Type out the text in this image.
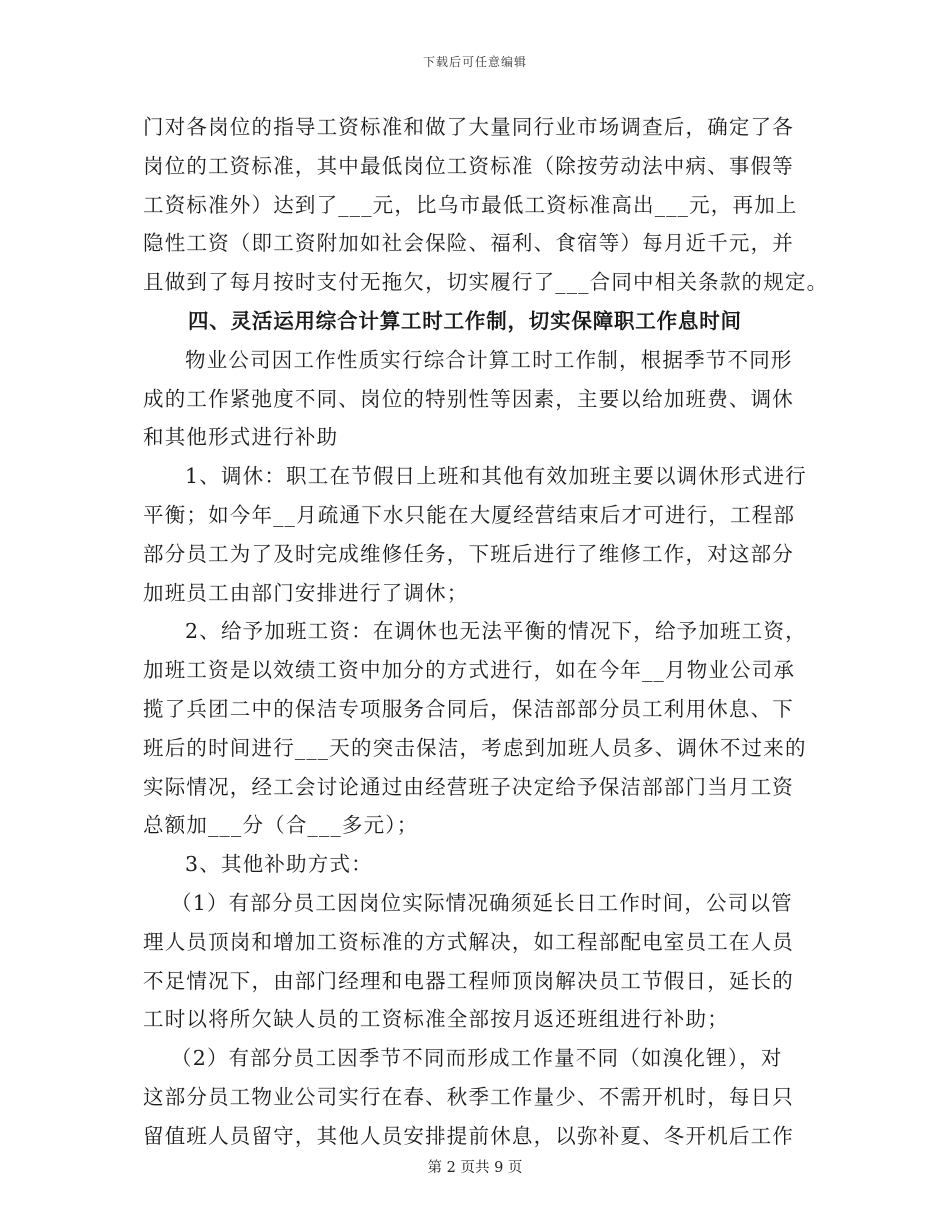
下载后可任意编辑
门对各岗位的指导工资标准和做了大量同行业市场调查后，确定了各
岗位的工资标准，其中最低岗位工资标准（除按劳动法中病、事假等
工资标准外）达到了___元，比乌市最低工资标准高出___元，再加上
隐性工资（即工资附加如社会保险、福利、食宿等）每月近千元，并
且做到了每月按时支付无拖欠，切实履行了___合同中相关条款的规定。
四、灵活运用综合计算工时工作制，切实保障职工作息时间
物业公司因工作性质实行综合计算工时工作制，根据季节不同形
成的工作紧弛度不同、岗位的特别性等因素，主要以给加班费、调休
和其他形式进行补助
1、调休：职工在节假日上班和其他有效加班主要以调休形式进行
平衡；如今年__月疏通下水只能在大厦经营结束后才可进行，工程部
部分员工为了及时完成维修任务，下班后进行了维修工作，对这部分
加班员工由部门安排进行了调休；
2、给予加班工资：在调休也无法平衡的情况下，给予加班工资，
加班工资是以效绩工资中加分的方式进行，如在今年__月物业公司承
揽了兵团二中的保洁专项服务合同后，保洁部部分员工利用休息、下
班后的时间进行___天的突击保洁，考虑到加班人员多、调休不过来的
实际情况，经工会讨论通过由经营班子决定给予保洁部部门当月工资
总额加___分（合___多元）；
3、其他补助方式：
（1）有部分员工因岗位实际情况确须延长日工作时间，公司以管
理人员顶岗和增加工资标准的方式解决，如工程部配电室员工在人员
不足情况下，由部门经理和电器工程师顶岗解决员工节假日，延长的
工时以将所欠缺人员的工资标准全部按月返还班组进行补助；
（2）有部分员工因季节不同而形成工作量不同（如溴化锂），对
这部分员工物业公司实行在春、秋季工作量少、不需开机时，每日只
留值班人员留守，其他人员安排提前休息，以弥补夏、冬开机后工作
第 2 页共 9 页
